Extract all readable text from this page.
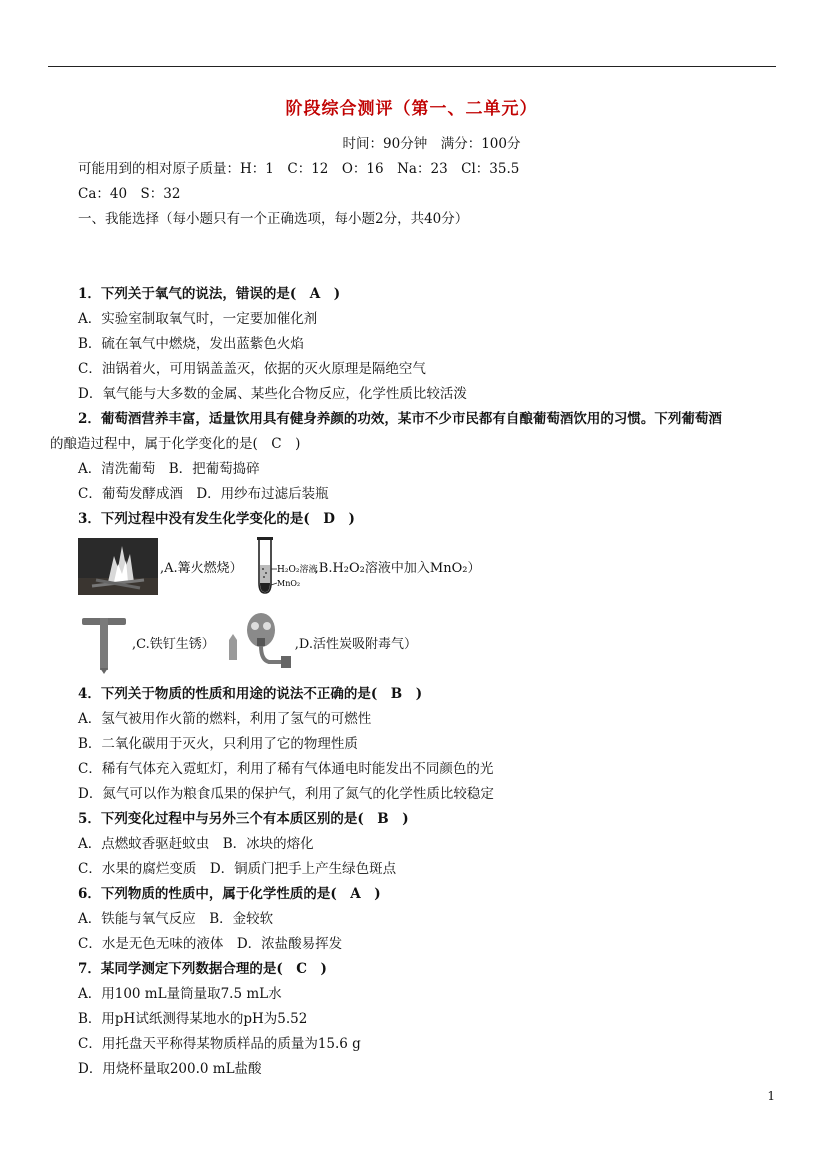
阶段综合测评（第一、二单元）
时间：90分钟　满分：100分
可能用到的相对原子质量：H：1　C：12　O：16　Na：23　Cl：35.5
Ca：40　S：32
一、我能选择（每小题只有一个正确选项，每小题2分，共40分）
1．下列关于氧气的说法，错误的是(　A　)
A．实验室制取氧气时，一定要加催化剂
B．硫在氧气中燃烧，发出蓝紫色火焰
C．油锅着火，可用锅盖盖灭，依据的灭火原理是隔绝空气
D．氧气能与大多数的金属、某些化合物反应，化学性质比较活泼
2．葡萄酒营养丰富，适量饮用具有健身养颜的功效，某市不少市民都有自酿葡萄酒饮用的习惯。下列葡萄酒
的酿造过程中，属于化学变化的是(　C　)
A．清洗葡萄　B．把葡萄捣碎
C．葡萄发酵成酒　D．用纱布过滤后装瓶
3．下列过程中没有发生化学变化的是(　D　)
,A.篝火燃烧）	H₂O₂溶液
MnO₂
,B.H₂O₂溶液中加入MnO₂）
,C.铁钉生锈）	,D.活性炭吸附毒气）
4．下列关于物质的性质和用途的说法不正确的是(　B　)
A．氢气被用作火箭的燃料，利用了氢气的可燃性
B．二氧化碳用于灭火，只利用了它的物理性质
C．稀有气体充入霓虹灯，利用了稀有气体通电时能发出不同颜色的光
D．氮气可以作为粮食瓜果的保护气，利用了氮气的化学性质比较稳定
5．下列变化过程中与另外三个有本质区别的是(　B　)
A．点燃蚊香驱赶蚊虫　B．冰块的熔化
C．水果的腐烂变质　D．铜质门把手上产生绿色斑点
6．下列物质的性质中，属于化学性质的是(　A　)
A．铁能与氧气反应　B．金较软
C．水是无色无味的液体　D．浓盐酸易挥发
7．某同学测定下列数据合理的是(　C　)
A．用100 mL量筒量取7.5 mL水
B．用pH试纸测得某地水的pH为5.52
C．用托盘天平称得某物质样品的质量为15.6 g
D．用烧杯量取200.0 mL盐酸
1
